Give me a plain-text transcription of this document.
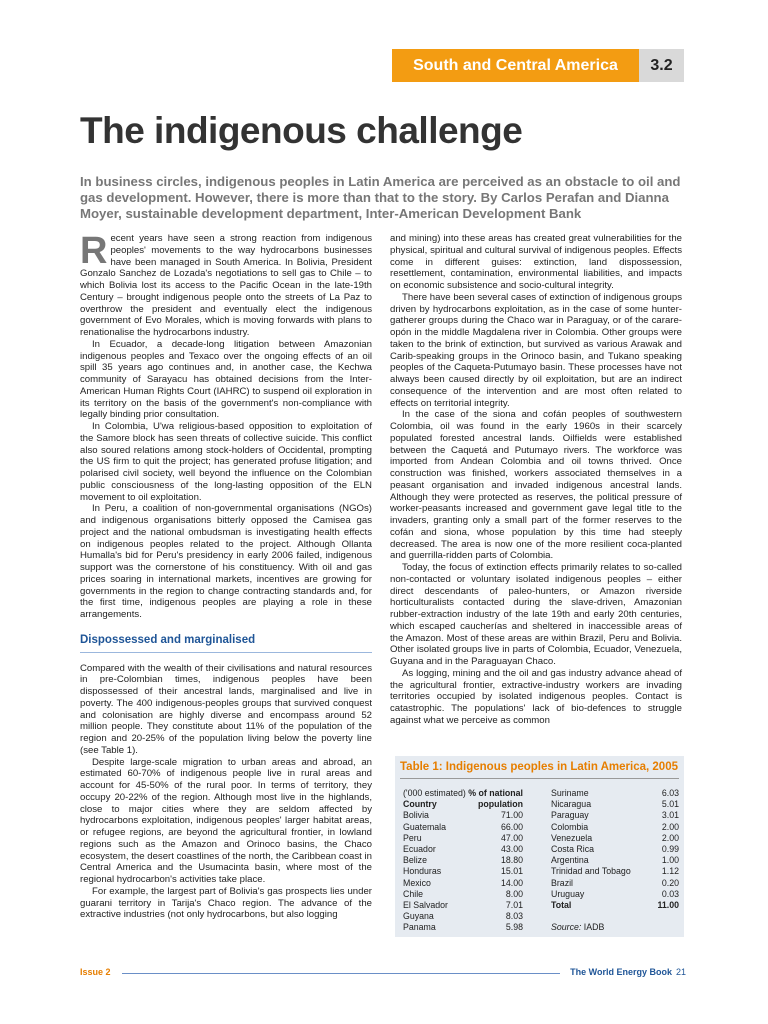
South and Central America	3.2
The indigenous challenge

In business circles, indigenous peoples in Latin America are perceived as an obstacle to oil and gas development. However, there is more than that to the story. By Carlos Perafan and Dianna Moyer, sustainable development department, Inter-American Development Bank

Recent years have seen a strong reaction from indigenous peoples' movements to the way hydrocarbons businesses have been managed in South America. In Bolivia, President Gonzalo Sanchez de Lozada's negotiations to sell gas to Chile – to which Bolivia lost its access to the Pacific Ocean in the late-19th Century – brought indigenous people onto the streets of La Paz to overthrow the president and eventually elect the indigenous government of Evo Morales, which is moving forwards with plans to renationalise the hydrocarbons industry.

In Ecuador, a decade-long litigation between Amazonian indigenous peoples and Texaco over the ongoing effects of an oil spill 35 years ago continues and, in another case, the Kechwa community of Sarayacu has obtained decisions from the Inter-American Human Rights Court (IAHRC) to suspend oil exploration in its territory on the basis of the government's non-compliance with legally binding prior consultation.

In Colombia, U'wa religious-based opposition to exploitation of the Samore block has seen threats of collective suicide. This conflict also soured relations among stock-holders of Occidental, prompting the US firm to quit the project; has generated profuse litigation; and polarised civil society, well beyond the influence on the Colombian public consciousness of the long-lasting opposition of the ELN movement to oil exploitation.

In Peru, a coalition of non-governmental organisations (NGOs) and indigenous organisations bitterly opposed the Camisea gas project and the national ombudsman is investigating health effects on indigenous peoples related to the project. Although Ollanta Humalla's bid for Peru's presidency in early 2006 failed, indigenous support was the cornerstone of his constituency. With oil and gas prices soaring in international markets, incentives are growing for governments in the region to change contracting standards and, for the first time, indigenous peoples are playing a role in these arrangements.

Dispossessed and marginalised

Compared with the wealth of their civilisations and natural resources in pre-Colombian times, indigenous peoples have been dispossessed of their ancestral lands, marginalised and live in poverty. The 400 indigenous-peoples groups that survived conquest and colonisation are highly diverse and encompass around 52 million people. They constitute about 11% of the population of the region and 20-25% of the population living below the poverty line (see Table 1).

Despite large-scale migration to urban areas and abroad, an estimated 60-70% of indigenous people live in rural areas and account for 45-50% of the rural poor. In terms of territory, they occupy 20-22% of the region. Although most live in the highlands, close to major cities where they are seldom affected by hydrocarbons exploitation, indigenous peoples' larger habitat areas, or refugee regions, are beyond the agricultural frontier, in lowland regions such as the Amazon and Orinoco basins, the Chaco ecosystem, the desert coastlines of the north, the Caribbean coast in Central America and the Usumacinta basin, where most of the regional hydrocarbon's activities take place.

For example, the largest part of Bolivia's gas prospects lies under guarani territory in Tarija's Chaco region. The advance of the extractive industries (not only hydrocarbons, but also logging

and mining) into these areas has created great vulnerabilities for the physical, spiritual and cultural survival of indigenous peoples. Effects come in different guises: extinction, land dispossession, resettlement, contamination, environmental liabilities, and impacts on economic subsistence and socio-cultural integrity.

There have been several cases of extinction of indigenous groups driven by hydrocarbons exploitation, as in the case of some hunter-gatherer groups during the Chaco war in Paraguay, or of the carare-opón in the middle Magdalena river in Colombia. Other groups were taken to the brink of extinction, but survived as various Arawak and Carib-speaking groups in the Orinoco basin, and Tukano speaking peoples of the Caqueta-Putumayo basin. These processes have not always been caused directly by oil exploitation, but are an indirect consequence of the intervention and are most often related to effects on territorial integrity.

In the case of the siona and cofán peoples of southwestern Colombia, oil was found in the early 1960s in their scarcely populated forested ancestral lands. Oilfields were established between the Caquetá and Putumayo rivers. The workforce was imported from Andean Colombia and oil towns thrived. Once construction was finished, workers associated themselves in a peasant organisation and invaded indigenous ancestral lands. Although they were protected as reserves, the political pressure of worker-peasants increased and government gave legal title to the invaders, granting only a small part of the former reserves to the cofán and siona, whose population by this time had steeply decreased. The area is now one of the more resilient coca-planted and guerrilla-ridden parts of Colombia.

Today, the focus of extinction effects primarily relates to so-called non-contacted or voluntary isolated indigenous peoples – either direct descendants of paleo-hunters, or Amazon riverside horticulturalists contacted during the slave-driven, Amazonian rubber-extraction industry of the late 19th and early 20th centuries, which escaped caucherías and sheltered in inaccessible areas of the Amazon. Most of these areas are within Brazil, Peru and Bolivia. Other isolated groups live in parts of Colombia, Ecuador, Venezuela, Guyana and in the Paraguayan Chaco.

As logging, mining and the oil and gas industry advance ahead of the agricultural frontier, extractive-industry workers are invading territories occupied by isolated indigenous peoples. Contact is catastrophic. The populations' lack of bio-defences to struggle against what we perceive as common

Table 1: Indigenous peoples in Latin America, 2005
('000 estimated) % of national
Country	population
Bolivia	71.00
Guatemala	66.00
Peru	47.00
Ecuador	43.00
Belize	18.80
Honduras	15.01
Mexico	14.00
Chile	8.00
El Salvador	7.01
Guyana	8.03
Panama	5.98
Suriname	6.03
Nicaragua	5.01
Paraguay	3.01
Colombia	2.00
Venezuela	2.00
Costa Rica	0.99
Argentina	1.00
Trinidad and Tobago	1.12
Brazil	0.20
Uruguay	0.03
Total	11.00
Source: IADB
Issue 2	The World Energy Book 21
